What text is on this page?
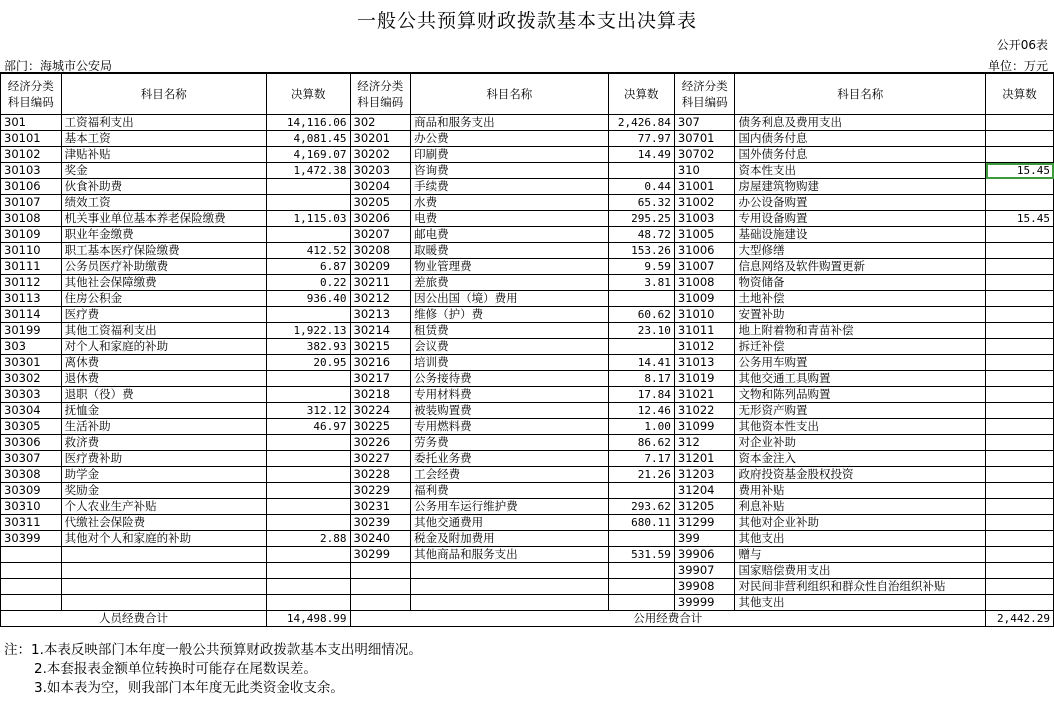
一般公共预算财政拨款基本支出决算表
公开06表
部门：海城市公安局	单位：万元
经济分类科目编码	科目名称	决算数	经济分类科目编码	科目名称	决算数	经济分类科目编码	科目名称	决算数
301	工资福利支出	14,116.06	302	商品和服务支出	2,426.84	307	债务利息及费用支出	
30101	基本工资	4,081.45	30201	办公费	77.97	30701	国内债务付息	
30102	津贴补贴	4,169.07	30202	印刷费	14.49	30702	国外债务付息	
30103	奖金	1,472.38	30203	咨询费		310	资本性支出	15.45
30106	伙食补助费		30204	手续费	0.44	31001	房屋建筑物购建	
30107	绩效工资		30205	水费	65.32	31002	办公设备购置	
30108	机关事业单位基本养老保险缴费	1,115.03	30206	电费	295.25	31003	专用设备购置	15.45
30109	职业年金缴费		30207	邮电费	48.72	31005	基础设施建设	
30110	职工基本医疗保险缴费	412.52	30208	取暖费	153.26	31006	大型修缮	
30111	公务员医疗补助缴费	6.87	30209	物业管理费	9.59	31007	信息网络及软件购置更新	
30112	其他社会保障缴费	0.22	30211	差旅费	3.81	31008	物资储备	
30113	住房公积金	936.40	30212	因公出国（境）费用		31009	土地补偿	
30114	医疗费		30213	维修（护）费	60.62	31010	安置补助	
30199	其他工资福利支出	1,922.13	30214	租赁费	23.10	31011	地上附着物和青苗补偿	
303	对个人和家庭的补助	382.93	30215	会议费		31012	拆迁补偿	
30301	离休费	20.95	30216	培训费	14.41	31013	公务用车购置	
30302	退休费		30217	公务接待费	8.17	31019	其他交通工具购置	
30303	退职（役）费		30218	专用材料费	17.84	31021	文物和陈列品购置	
30304	抚恤金	312.12	30224	被装购置费	12.46	31022	无形资产购置	
30305	生活补助	46.97	30225	专用燃料费	1.00	31099	其他资本性支出	
30306	救济费		30226	劳务费	86.62	312	对企业补助	
30307	医疗费补助		30227	委托业务费	7.17	31201	资本金注入	
30308	助学金		30228	工会经费	21.26	31203	政府投资基金股权投资	
30309	奖励金		30229	福利费		31204	费用补贴	
30310	个人农业生产补贴		30231	公务用车运行维护费	293.62	31205	利息补贴	
30311	代缴社会保险费		30239	其他交通费用	680.11	31299	其他对企业补助	
30399	其他对个人和家庭的补助	2.88	30240	税金及附加费用		399	其他支出	
			30299	其他商品和服务支出	531.59	39906	赠与	
						39907	国家赔偿费用支出	
						39908	对民间非营利组织和群众性自治组织补贴	
						39999	其他支出	
人员经费合计		14,498.99	公用经费合计					2,442.29
注：1.本表反映部门本年度一般公共预算财政拨款基本支出明细情况。
2.本套报表金额单位转换时可能存在尾数误差。
3.如本表为空，则我部门本年度无此类资金收支余。
